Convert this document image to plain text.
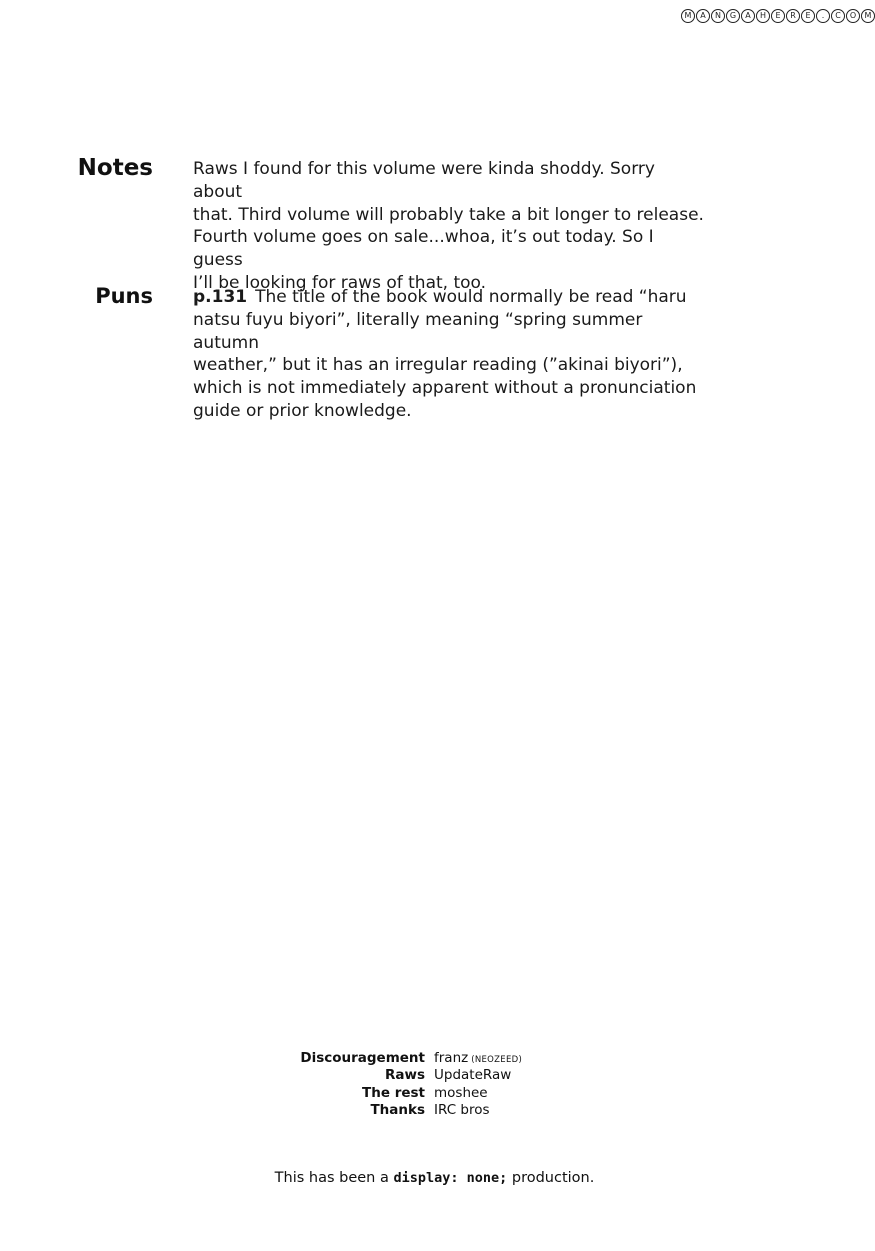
M	A	N	G	A	H	E	R	E	.	C	O	M
Notes Raws I found for this volume were kinda shoddy. Sorry about
that. Third volume will probably take a bit longer to release.
Fourth volume goes on sale...whoa, it’s out today. So I guess
I’ll be looking for raws of that, too.
Puns p.131 The title of the book would normally be read “haru
natsu fuyu biyori”, literally meaning “spring summer autumn
weather,” but it has an irregular reading (”akinai biyori”),
which is not immediately apparent without a pronunciation
guide or prior knowledge.
Discouragement franz (NEOZEED)
Raws UpdateRaw
The rest moshee
Thanks IRC bros
This has been a display: none; production.
